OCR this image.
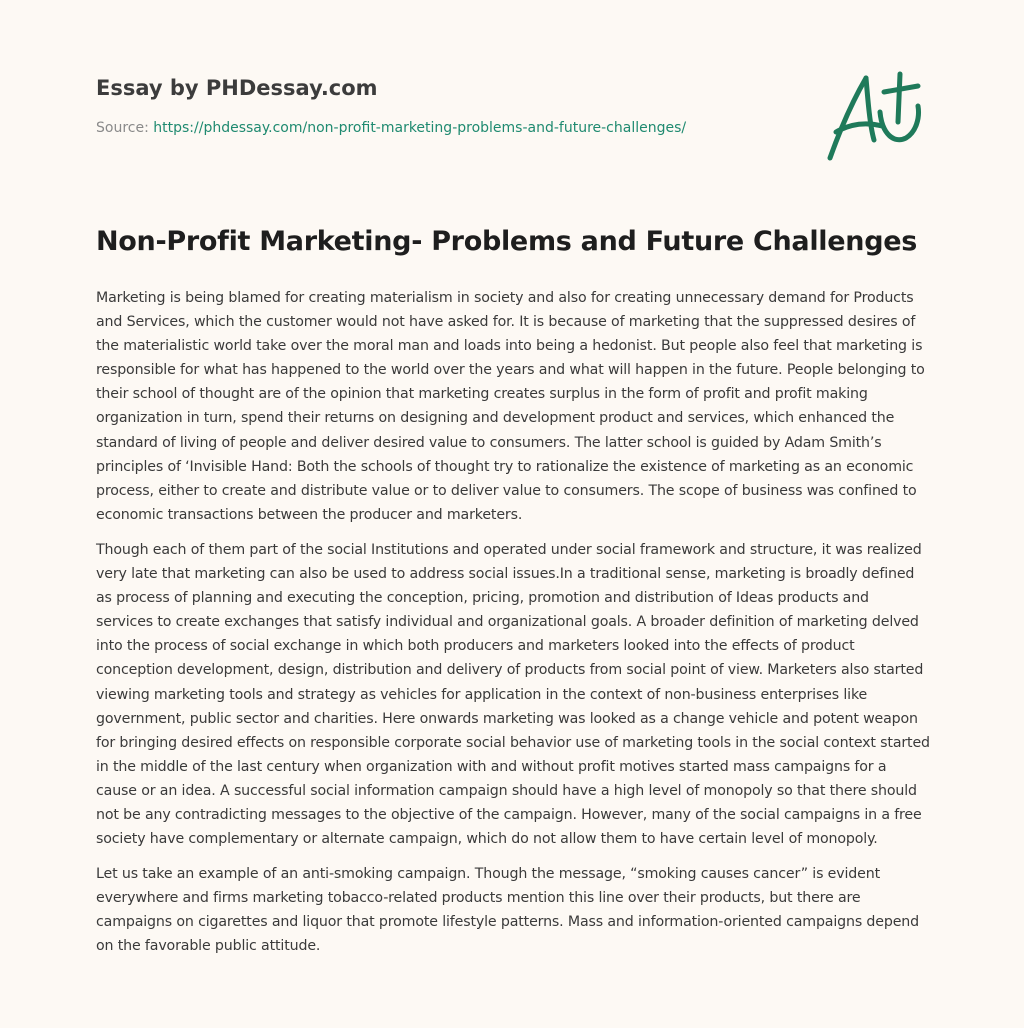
Essay by PHDessay.com
Source: https://phdessay.com/non-profit-marketing-problems-and-future-challenges/
Non-Profit Marketing- Problems and Future Challenges

Marketing is being blamed for creating materialism in society and also for creating unnecessary demand for Products and Services, which the customer would not have asked for. It is because of marketing that the suppressed desires of the materialistic world take over the moral man and loads into being a hedonist. But people also feel that marketing is responsible for what has happened to the world over the years and what will happen in the future. People belonging to their school of thought are of the opinion that marketing creates surplus in the form of profit and profit making organization in turn, spend their returns on designing and development product and services, which enhanced the standard of living of people and deliver desired value to consumers. The latter school is guided by Adam Smith’s principles of ‘Invisible Hand: Both the schools of thought try to rationalize the existence of marketing as an economic process, either to create and distribute value or to deliver value to consumers. The scope of business was confined to economic transactions between the producer and marketers.

Though each of them part of the social Institutions and operated under social framework and structure, it was realized very late that marketing can also be used to address social issues.In a traditional sense, marketing is broadly defined as process of planning and executing the conception, pricing, promotion and distribution of Ideas products and services to create exchanges that satisfy individual and organizational goals. A broader definition of marketing delved into the process of social exchange in which both producers and marketers looked into the effects of product conception development, design, distribution and delivery of products from social point of view. Marketers also started viewing marketing tools and strategy as vehicles for application in the context of non-business enterprises like government, public sector and charities. Here onwards marketing was looked as a change vehicle and potent weapon for bringing desired effects on responsible corporate social behavior use of marketing tools in the social context started in the middle of the last century when organization with and without profit motives started mass campaigns for a cause or an idea. A successful social information campaign should have a high level of monopoly so that there should not be any contradicting messages to the objective of the campaign. However, many of the social campaigns in a free society have complementary or alternate campaign, which do not allow them to have certain level of monopoly.

Let us take an example of an anti-smoking campaign. Though the message, “smoking causes cancer” is evident everywhere and firms marketing tobacco-related products mention this line over their products, but there are campaigns on cigarettes and liquor that promote lifestyle patterns. Mass and information-oriented campaigns depend on the favorable public attitude.
